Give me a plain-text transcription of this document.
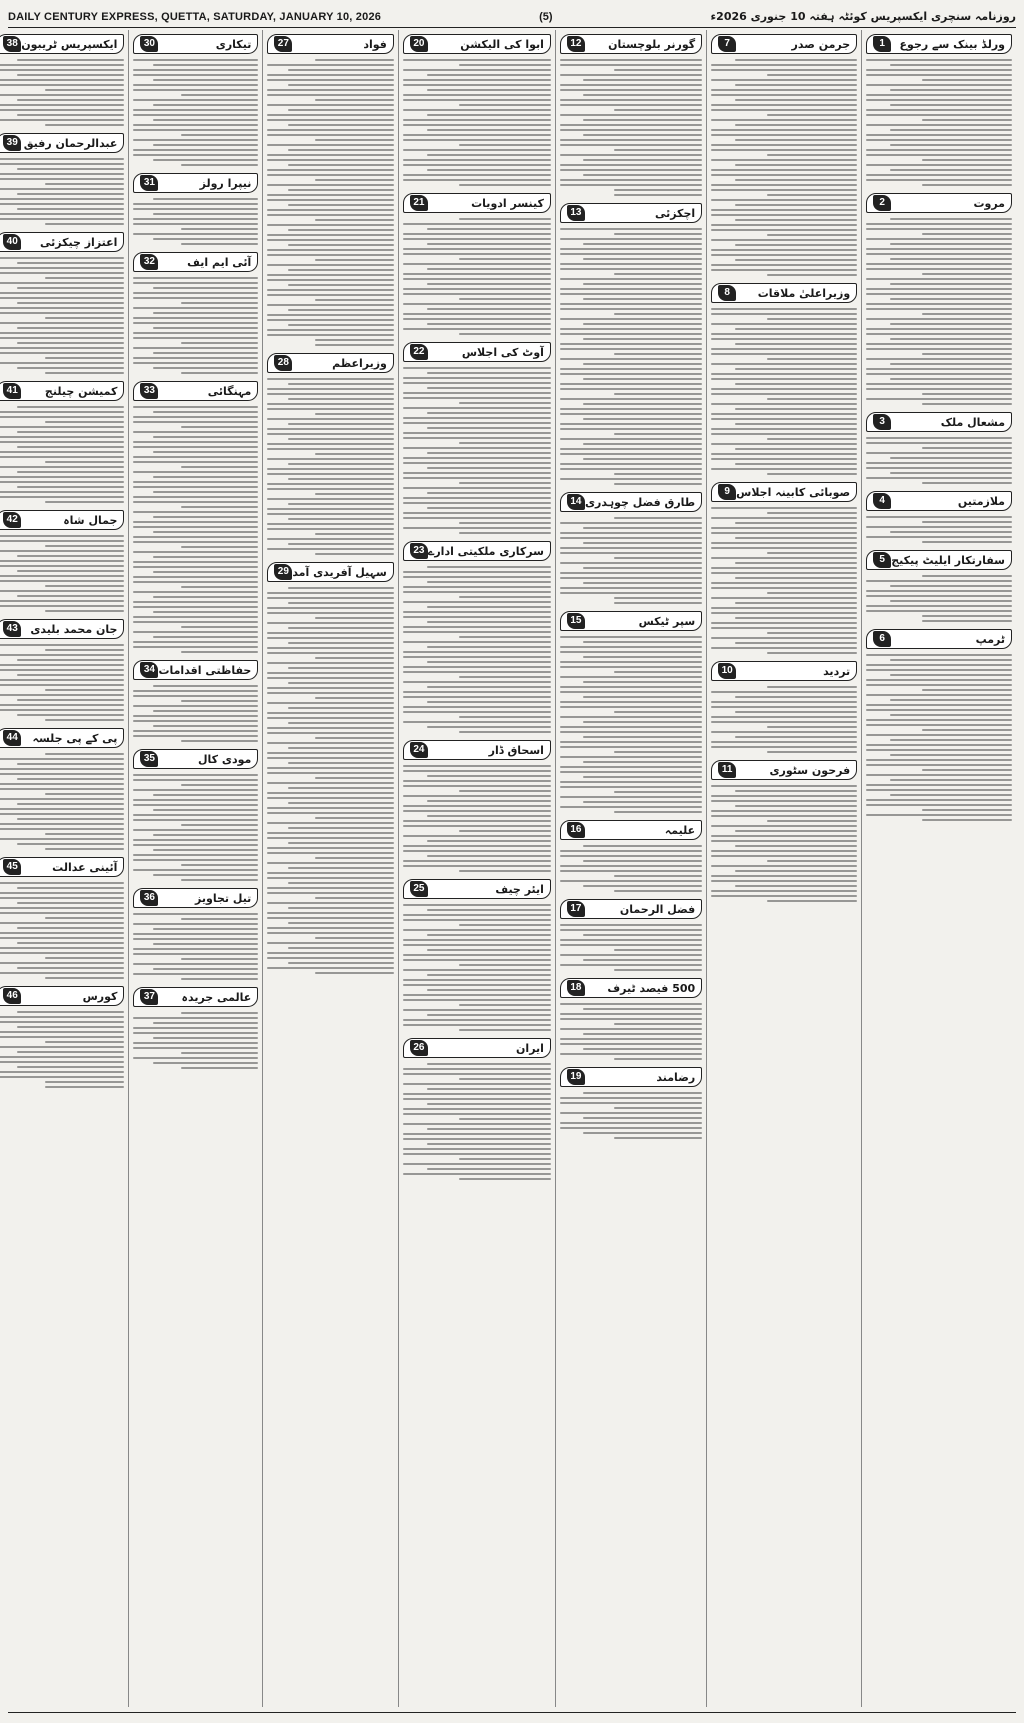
DAILY CENTURY EXPRESS, QUETTA, SATURDAY, JANUARY 10, 2026	(5)	روزنامہ سنچری ایکسپریس کوئٹہ ہفتہ 10 جنوری 2026ء
ورلڈ بینک سے رجوع
1
مروت
2
مشعال ملک
3
ملازمتیں
4
سفارتکار ایلیٹ پیکیج
5
ٹرمپ
6
جرمن صدر
7
وزیراعلیٰ ملاقات
8
صوبائی کابینہ اجلاس
9
تردید
10
فرحون سٹوری
11
گورنر بلوچستان
12
اچکزئی
13
طارق فضل چوہدری
14
سپر ٹیکس
15
علیمہ
16
فضل الرحمان
17
500 فیصد ٹیرف
18
رضامند
19
ابوا کی الیکشن
20
کینسر ادویات
21
آوٹ کی اجلاس
22
سرکاری ملکیتی ادارے
23
اسحاق ڈار
24
ایئر چیف
25
ایران
26
فواد
27
وزیراعظم
28
سہیل آفریدی آمد
29
تیکاری
30
نیپرا رولز
31
آئی ایم ایف
32
مہنگائی
33
حفاظتی اقدامات
34
مودی کال
35
تیل تجاویز
36
عالمی جریدہ
37
ایکسپریس ٹریبون
38
عبدالرحمان رفیق
39
اعتزاز چیکزئی
40
کمیشن چیلنج
41
جمال شاہ
42
جان محمد بلیدی
43
پی کے پی جلسہ
44
آئینی عدالت
45
کورس
46
